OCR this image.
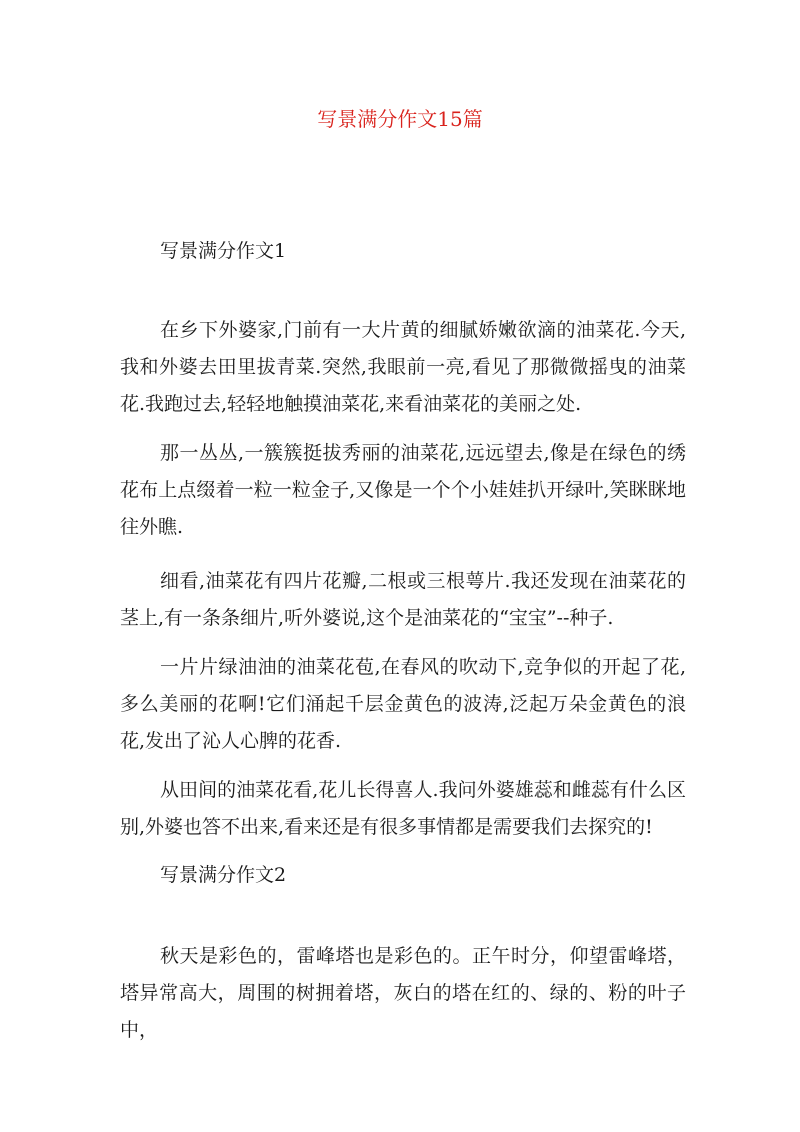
写景满分作文15篇
写景满分作文1

在乡下外婆家,门前有一大片黄的细腻娇嫩欲滴的油菜花.今天,我和外婆去田里拔青菜.突然,我眼前一亮,看见了那微微摇曳的油菜花.我跑过去,轻轻地触摸油菜花,来看油菜花的美丽之处.

那一丛丛,一簇簇挺拔秀丽的油菜花,远远望去,像是在绿色的绣花布上点缀着一粒一粒金子,又像是一个个小娃娃扒开绿叶,笑眯眯地往外瞧.

细看,油菜花有四片花瓣,二根或三根萼片.我还发现在油菜花的茎上,有一条条细片,听外婆说,这个是油菜花的“宝宝”--种子.

一片片绿油油的油菜花苞,在春风的吹动下,竞争似的开起了花,多么美丽的花啊!它们涌起千层金黄色的波涛,泛起万朵金黄色的浪花,发出了沁人心脾的花香.

从田间的油菜花看,花儿长得喜人.我问外婆雄蕊和雌蕊有什么区别,外婆也答不出来,看来还是有很多事情都是需要我们去探究的!

写景满分作文2

秋天是彩色的，雷峰塔也是彩色的。正午时分，仰望雷峰塔，塔异常高大，周围的树拥着塔，灰白的塔在红的、绿的、粉的叶子中，
